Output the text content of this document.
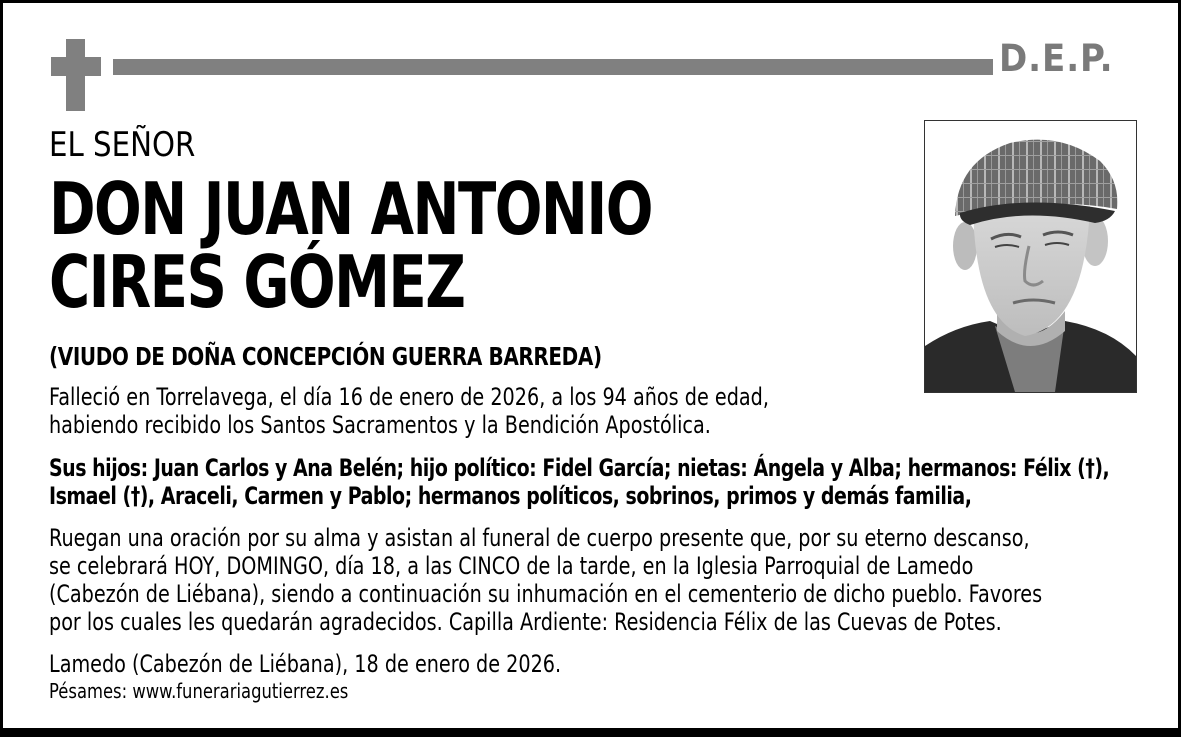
D.E.P.
EL SEÑOR
DON JUAN ANTONIO
CIRES GÓMEZ
(VIUDO DE DOÑA CONCEPCIÓN GUERRA BARREDA)
Falleció en Torrelavega, el día 16 de enero de 2026, a los 94 años de edad,
habiendo recibido los Santos Sacramentos y la Bendición Apostólica.
Sus hijos: Juan Carlos y Ana Belén; hijo político: Fidel García; nietas: Ángela y Alba; hermanos: Félix (†),
Ismael (†), Araceli, Carmen y Pablo; hermanos políticos, sobrinos, primos y demás familia,
Ruegan una oración por su alma y asistan al funeral de cuerpo presente que, por su eterno descanso,
se celebrará HOY, DOMINGO, día 18, a las CINCO de la tarde, en la Iglesia Parroquial de Lamedo
(Cabezón de Liébana), siendo a continuación su inhumación en el cementerio de dicho pueblo. Favores
por los cuales les quedarán agradecidos. Capilla Ardiente: Residencia Félix de las Cuevas de Potes.
Lamedo (Cabezón de Liébana), 18 de enero de 2026.
Pésames: www.funerariagutierrez.es
